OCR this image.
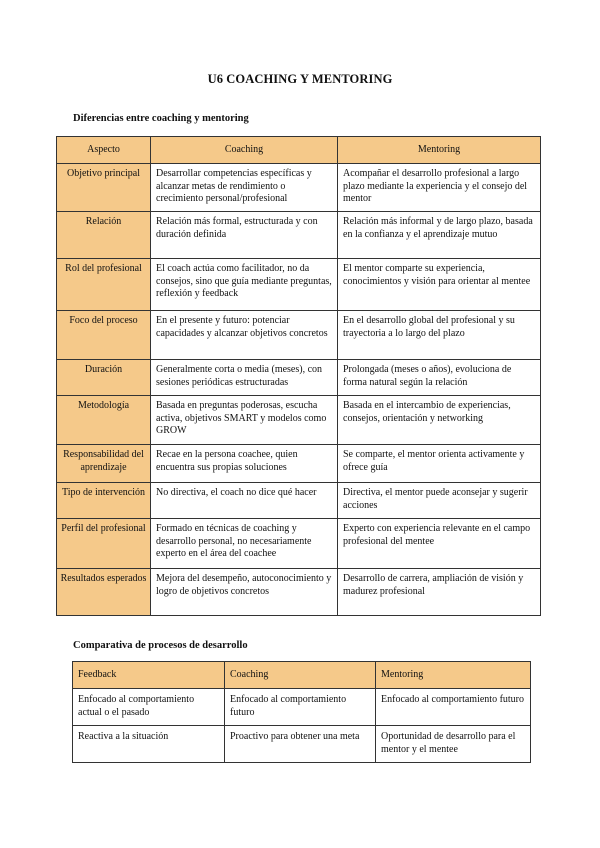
U6 COACHING Y MENTORING
Diferencias entre coaching y mentoring
Aspecto	Coaching	Mentoring
Objetivo principal	Desarrollar competencias específicas y alcanzar metas de rendimiento o crecimiento personal/profesional	Acompañar el desarrollo profesional a largo plazo mediante la experiencia y el consejo del mentor
Relación	Relación más formal, estructurada y con duración definida	Relación más informal y de largo plazo, basada en la confianza y el aprendizaje mutuo
Rol del profesional	El coach actúa como facilitador, no da consejos, sino que guía mediante preguntas, reflexión y feedback	El mentor comparte su experiencia, conocimientos y visión para orientar al mentee
Foco del proceso	En el presente y futuro: potenciar capacidades y alcanzar objetivos concretos	En el desarrollo global del profesional y su trayectoria a lo largo del plazo
Duración	Generalmente corta o media (meses), con sesiones periódicas estructuradas	Prolongada (meses o años), evoluciona de forma natural según la relación
Metodología	Basada en preguntas poderosas, escucha activa, objetivos SMART y modelos como GROW	Basada en el intercambio de experiencias, consejos, orientación y networking
Responsabilidad del aprendizaje	Recae en la persona coachee, quien encuentra sus propias soluciones	Se comparte, el mentor orienta activamente y ofrece guía
Tipo de intervención	No directiva, el coach no dice qué hacer	Directiva, el mentor puede aconsejar y sugerir acciones
Perfil del profesional	Formado en técnicas de coaching y desarrollo personal, no necesariamente experto en el área del coachee	Experto con experiencia relevante en el campo profesional del mentee
Resultados esperados	Mejora del desempeño, autoconocimiento y logro de objetivos concretos	Desarrollo de carrera, ampliación de visión y madurez profesional
Comparativa de procesos de desarrollo
Feedback	Coaching	Mentoring
Enfocado al comportamiento actual o el pasado	Enfocado al comportamiento futuro	Enfocado al comportamiento futuro
Reactiva a la situación	Proactivo para obtener una meta	Oportunidad de desarrollo para el mentor y el mentee
